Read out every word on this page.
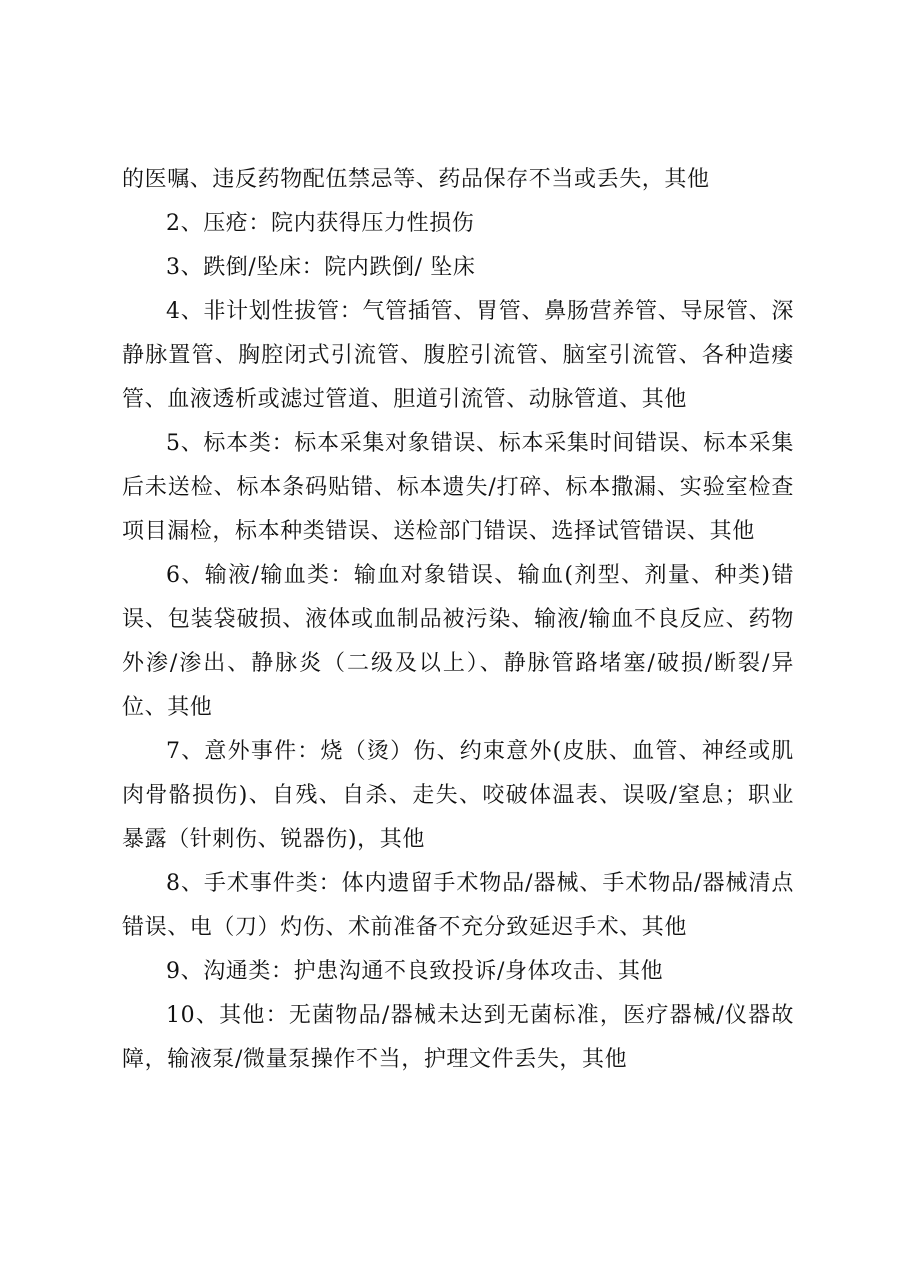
的医嘱、违反药物配伍禁忌等、药品保存不当或丢失，其他

2、压疮：院内获得压力性损伤

3、跌倒/坠床：院内跌倒/ 坠床

4、非计划性拔管：气管插管、胃管、鼻肠营养管、导尿管、深静脉置管、胸腔闭式引流管、腹腔引流管、脑室引流管、各种造瘘管、血液透析或滤过管道、胆道引流管、动脉管道、其他

5、标本类：标本采集对象错误、标本采集时间错误、标本采集后未送检、标本条码贴错、标本遗失/打碎、标本撒漏、实验室检查项目漏检，标本种类错误、送检部门错误、选择试管错误、其他

6、输液/输血类：输血对象错误、输血(剂型、剂量、种类)错误、包装袋破损、液体或血制品被污染、输液/输血不良反应、药物外渗/渗出、静脉炎（二级及以上）、静脉管路堵塞/破损/断裂/异位、其他

7、意外事件：烧（烫）伤、约束意外(皮肤、血管、神经或肌肉骨骼损伤)、自残、自杀、走失、咬破体温表、误吸/窒息；职业暴露（针刺伤、锐器伤)，其他

8、手术事件类：体内遗留手术物品/器械、手术物品/器械清点错误、电（刀）灼伤、术前准备不充分致延迟手术、其他

9、沟通类：护患沟通不良致投诉/身体攻击、其他

10、其他：无菌物品/器械未达到无菌标准，医疗器械/仪器故障，输液泵/微量泵操作不当，护理文件丢失，其他
